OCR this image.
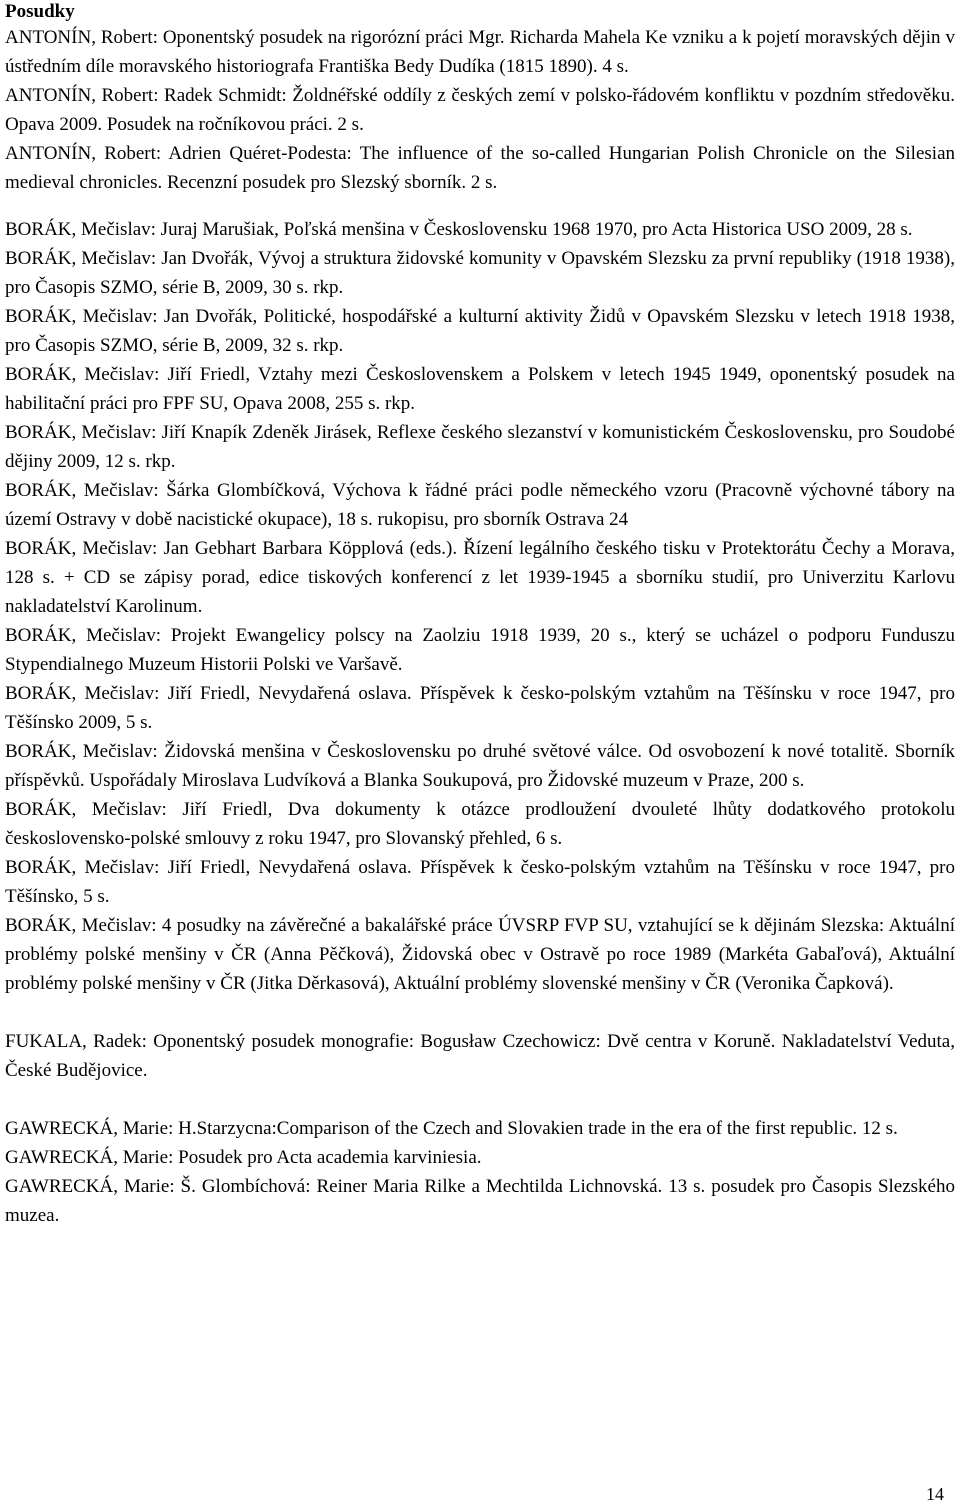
Posudky

ANTONÍN, Robert: Oponentský posudek na rigorózní práci Mgr. Richarda Mahela Ke vzniku a k pojetí moravských dějin v ústředním díle moravského historiografa Františka Bedy Dudíka (1815 1890). 4 s.

ANTONÍN, Robert: Radek Schmidt: Žoldnéřské oddíly z českých zemí v polsko-řádovém konfliktu v pozdním středověku. Opava 2009. Posudek na ročníkovou práci. 2 s.

ANTONÍN, Robert: Adrien Quéret-Podesta: The influence of the so-called Hungarian Polish Chronicle on the Silesian medieval chronicles. Recenzní posudek pro Slezský sborník. 2 s.

BORÁK, Mečislav: Juraj Marušiak, Poľská menšina v Československu 1968 1970, pro Acta Historica USO 2009, 28 s.

BORÁK, Mečislav: Jan Dvořák, Vývoj a struktura židovské komunity v Opavském Slezsku za první republiky (1918 1938), pro Časopis SZMO, série B, 2009, 30 s. rkp.

BORÁK, Mečislav: Jan Dvořák, Politické, hospodářské a kulturní aktivity Židů v Opavském Slezsku v letech 1918 1938, pro Časopis SZMO, série B, 2009, 32 s. rkp.

BORÁK, Mečislav: Jiří Friedl, Vztahy mezi Československem a Polskem v letech 1945 1949, oponentský posudek na habilitační práci pro FPF SU, Opava 2008, 255 s. rkp.

BORÁK, Mečislav: Jiří Knapík Zdeněk Jirásek, Reflexe českého slezanství v komunistickém Československu, pro Soudobé dějiny 2009, 12 s. rkp.

BORÁK, Mečislav: Šárka Glombíčková, Výchova k řádné práci podle německého vzoru (Pracovně výchovné tábory na území Ostravy v době nacistické okupace), 18 s. rukopisu, pro sborník Ostrava 24

BORÁK, Mečislav: Jan Gebhart Barbara Köpplová (eds.). Řízení legálního českého tisku v Protektorátu Čechy a Morava, 128 s. + CD se zápisy porad, edice tiskových konferencí z let 1939-1945 a sborníku studií, pro Univerzitu Karlovu nakladatelství Karolinum.

BORÁK, Mečislav: Projekt Ewangelicy polscy na Zaolziu 1918 1939, 20 s., který se ucházel o podporu Funduszu Stypendialnego Muzeum Historii Polski ve Varšavě.

BORÁK, Mečislav: Jiří Friedl, Nevydařená oslava. Příspěvek k česko-polským vztahům na Těšínsku v roce 1947, pro Těšínsko 2009, 5 s.

BORÁK, Mečislav: Židovská menšina v Československu po druhé světové válce. Od osvobození k nové totalitě. Sborník příspěvků. Uspořádaly Miroslava Ludvíková a Blanka Soukupová, pro Židovské muzeum v Praze, 200 s.

BORÁK, Mečislav: Jiří Friedl, Dva dokumenty k otázce prodloužení dvouleté lhůty dodatkového protokolu československo-polské smlouvy z roku 1947, pro Slovanský přehled, 6 s.

BORÁK, Mečislav: Jiří Friedl, Nevydařená oslava. Příspěvek k česko-polským vztahům na Těšínsku v roce 1947, pro Těšínsko, 5 s.

BORÁK, Mečislav: 4 posudky na závěrečné a bakalářské práce ÚVSRP FVP SU, vztahující se k dějinám Slezska: Aktuální problémy polské menšiny v ČR (Anna Pěčková), Židovská obec v Ostravě po roce 1989 (Markéta Gabaľová), Aktuální problémy polské menšiny v ČR (Jitka Děrkasová), Aktuální problémy slovenské menšiny v ČR (Veronika Čapková).

FUKALA, Radek: Oponentský posudek monografie: Bogusław Czechowicz: Dvě centra v Koruně. Nakladatelství Veduta, České Budějovice.

GAWRECKÁ, Marie: H.Starzycna:Comparison of the Czech and Slovakien trade in the era of the first republic. 12 s.

GAWRECKÁ, Marie: Posudek pro Acta academia karviniesia.

GAWRECKÁ, Marie: Š. Glombíchová: Reiner Maria Rilke a Mechtilda Lichnovská. 13 s. posudek pro Časopis Slezského muzea.

14
